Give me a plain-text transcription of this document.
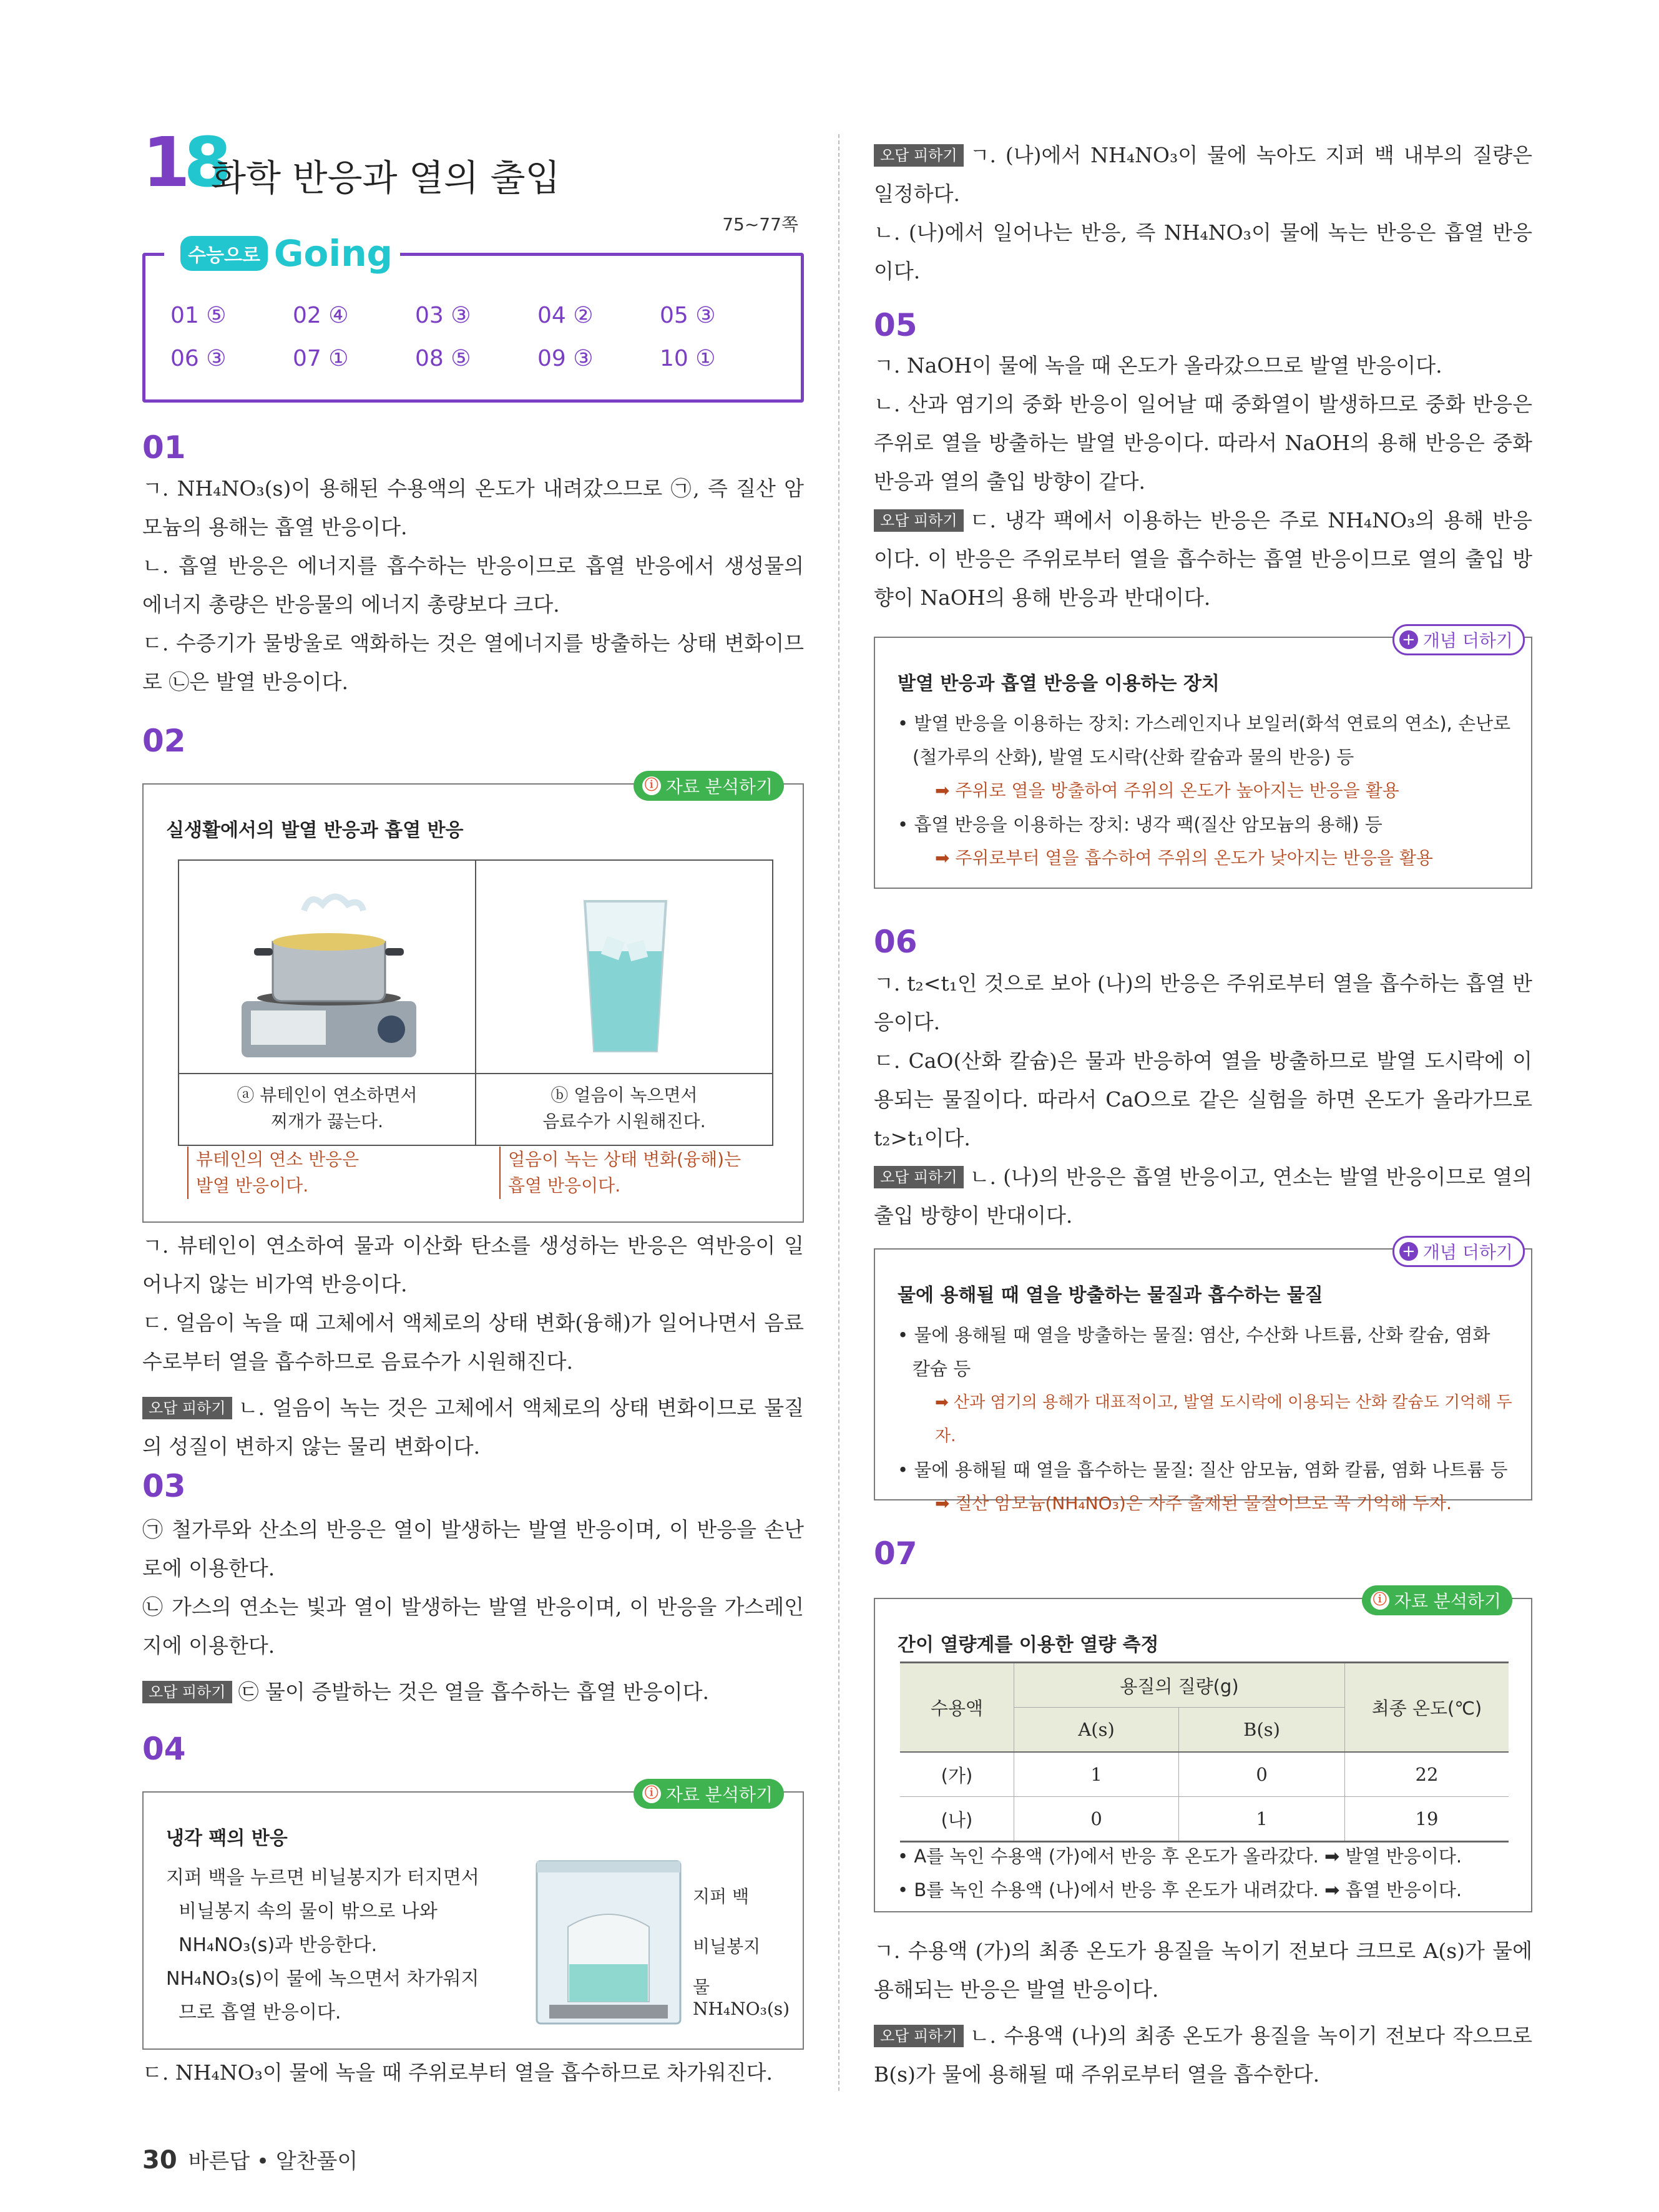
18
화학 반응과 열의 출입
수능으로 Going
75~77쪽
01 ⑤	02 ④	03 ③	04 ②	05 ③
06 ③	07 ①	08 ⑤	09 ③	10 ①
01

ㄱ. NH₄NO₃(s)이 용해된 수용액의 온도가 내려갔으므로 ㉠, 즉 질산 암모늄의 용해는 흡열 반응이다.

ㄴ. 흡열 반응은 에너지를 흡수하는 반응이므로 흡열 반응에서 생성물의 에너지 총량은 반응물의 에너지 총량보다 크다.

ㄷ. 수증기가 물방울로 액화하는 것은 열에너지를 방출하는 상태 변화이므로 ㉡은 발열 반응이다.

02
ⓘ 자료 분석하기
실생활에서의 발열 반응과 흡열 반응
ⓐ 뷰테인이 연소하면서
찌개가 끓는다.
ⓑ 얼음이 녹으면서
음료수가 시원해진다.
뷰테인의 연소 반응은
발열 반응이다.
얼음이 녹는 상태 변화(융해)는
흡열 반응이다.

ㄱ. 뷰테인이 연소하여 물과 이산화 탄소를 생성하는 반응은 역반응이 일어나지 않는 비가역 반응이다.

ㄷ. 얼음이 녹을 때 고체에서 액체로의 상태 변화(융해)가 일어나면서 음료수로부터 열을 흡수하므로 음료수가 시원해진다.

오답 피하기 ㄴ. 얼음이 녹는 것은 고체에서 액체로의 상태 변화이므로 물질의 성질이 변하지 않는 물리 변화이다.

03

㉠ 철가루와 산소의 반응은 열이 발생하는 발열 반응이며, 이 반응을 손난로에 이용한다.

㉡ 가스의 연소는 빛과 열이 발생하는 발열 반응이며, 이 반응을 가스레인지에 이용한다.

오답 피하기 ㉢ 물이 증발하는 것은 열을 흡수하는 흡열 반응이다.

04
ⓘ 자료 분석하기
냉각 팩의 반응
지퍼 백을 누르면 비닐봉지가 터지면서
비닐봉지 속의 물이 밖으로 나와
NH₄NO₃(s)과 반응한다.
NH₄NO₃(s)이 물에 녹으면서 차가워지
므로 흡열 반응이다.
지퍼 백
비닐봉지
물
NH₄NO₃(s)

ㄷ. NH₄NO₃이 물에 녹을 때 주위로부터 열을 흡수하므로 차가워진다.

오답 피하기 ㄱ. (나)에서 NH₄NO₃이 물에 녹아도 지퍼 백 내부의 질량은 일정하다.

ㄴ. (나)에서 일어나는 반응, 즉 NH₄NO₃이 물에 녹는 반응은 흡열 반응이다.

05

ㄱ. NaOH이 물에 녹을 때 온도가 올라갔으므로 발열 반응이다.

ㄴ. 산과 염기의 중화 반응이 일어날 때 중화열이 발생하므로 중화 반응은 주위로 열을 방출하는 발열 반응이다. 따라서 NaOH의 용해 반응은 중화 반응과 열의 출입 방향이 같다.

오답 피하기 ㄷ. 냉각 팩에서 이용하는 반응은 주로 NH₄NO₃의 용해 반응이다. 이 반응은 주위로부터 열을 흡수하는 흡열 반응이므로 열의 출입 방향이 NaOH의 용해 반응과 반대이다.

+ 개념 더하기
발열 반응과 흡열 반응을 이용하는 장치
• 발열 반응을 이용하는 장치: 가스레인지나 보일러(화석 연료의 연소), 손난로
(철가루의 산화), 발열 도시락(산화 칼슘과 물의 반응) 등
➡ 주위로 열을 방출하여 주위의 온도가 높아지는 반응을 활용
• 흡열 반응을 이용하는 장치: 냉각 팩(질산 암모늄의 용해) 등
➡ 주위로부터 열을 흡수하여 주위의 온도가 낮아지는 반응을 활용
06

ㄱ. t₂<t₁인 것으로 보아 (나)의 반응은 주위로부터 열을 흡수하는 흡열 반응이다.

ㄷ. CaO(산화 칼슘)은 물과 반응하여 열을 방출하므로 발열 도시락에 이용되는 물질이다. 따라서 CaO으로 같은 실험을 하면 온도가 올라가므로 t₂>t₁이다.

오답 피하기 ㄴ. (나)의 반응은 흡열 반응이고, 연소는 발열 반응이므로 열의 출입 방향이 반대이다.

+ 개념 더하기
물에 용해될 때 열을 방출하는 물질과 흡수하는 물질
• 물에 용해될 때 열을 방출하는 물질: 염산, 수산화 나트륨, 산화 칼슘, 염화
칼슘 등
➡ 산과 염기의 용해가 대표적이고, 발열 도시락에 이용되는 산화 칼슘도 기억해 두자.
• 물에 용해될 때 열을 흡수하는 물질: 질산 암모늄, 염화 칼륨, 염화 나트륨 등
➡ 질산 암모늄(NH₄NO₃)은 자주 출제된 물질이므로 꼭 기억해 두자.
07
ⓘ 자료 분석하기
간이 열량계를 이용한 열량 측정
수용액	용질의 질량(g)		최종 온도(℃)
	A(s)	B(s)	
(가)	1	0	22
(나)	0	1	19
• A를 녹인 수용액 (가)에서 반응 후 온도가 올라갔다. ➡ 발열 반응이다.
• B를 녹인 수용액 (나)에서 반응 후 온도가 내려갔다. ➡ 흡열 반응이다.

ㄱ. 수용액 (가)의 최종 온도가 용질을 녹이기 전보다 크므로 A(s)가 물에 용해되는 반응은 발열 반응이다.

오답 피하기 ㄴ. 수용액 (나)의 최종 온도가 용질을 녹이기 전보다 작으므로 B(s)가 물에 용해될 때 주위로부터 열을 흡수한다.

30 바른답 • 알찬풀이
